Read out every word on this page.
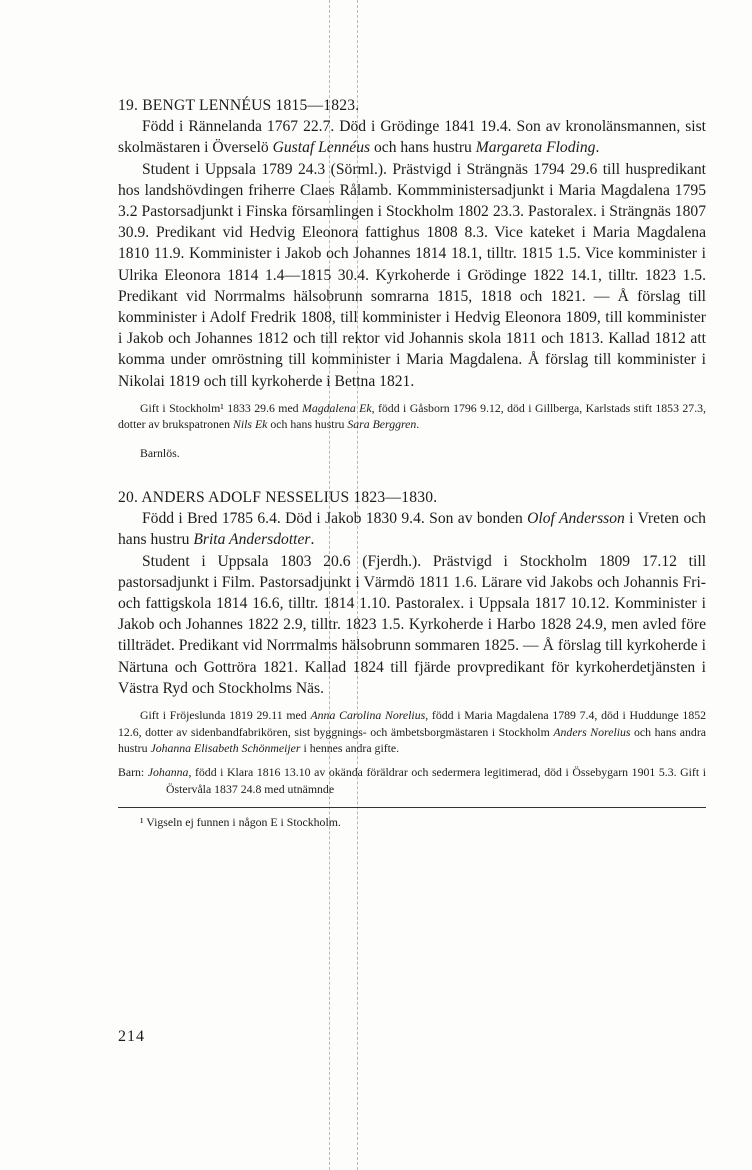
19. BENGT LENNÉUS 1815—1823.

Född i Rännelanda 1767 22.7. Död i Grödinge 1841 19.4. Son av kronolänsmannen, sist skolmästaren i Överselö Gustaf Lennéus och hans hustru Margareta Floding.

Student i Uppsala 1789 24.3 (Sörml.). Prästvigd i Strängnäs 1794 29.6 till huspredikant hos landshövdingen friherre Claes Rålamb. Kommministersadjunkt i Maria Magdalena 1795 3.2 Pastorsadjunkt i Finska församlingen i Stockholm 1802 23.3. Pastoralex. i Strängnäs 1807 30.9. Predikant vid Hedvig Eleonora fattighus 1808 8.3. Vice kateket i Maria Magdalena 1810 11.9. Komminister i Jakob och Johannes 1814 18.1, tilltr. 1815 1.5. Vice komminister i Ulrika Eleonora 1814 1.4—1815 30.4. Kyrkoherde i Grödinge 1822 14.1, tilltr. 1823 1.5. Predikant vid Norrmalms hälsobrunn somrarna 1815, 1818 och 1821. — Å förslag till komminister i Adolf Fredrik 1808, till komminister i Hedvig Eleonora 1809, till komminister i Jakob och Johannes 1812 och till rektor vid Johannis skola 1811 och 1813. Kallad 1812 att komma under omröstning till komminister i Maria Magdalena. Å förslag till komminister i Nikolai 1819 och till kyrkoherde i Bettna 1821.

Gift i Stockholm¹ 1833 29.6 med Magdalena Ek, född i Gåsborn 1796 9.12, död i Gillberga, Karlstads stift 1853 27.3, dotter av brukspatronen Nils Ek och hans hustru Sara Berggren.

Barnlös.

20. ANDERS ADOLF NESSELIUS 1823—1830.

Född i Bred 1785 6.4. Död i Jakob 1830 9.4. Son av bonden Olof Andersson i Vreten och hans hustru Brita Andersdotter.

Student i Uppsala 1803 20.6 (Fjerdh.). Prästvigd i Stockholm 1809 17.12 till pastorsadjunkt i Film. Pastorsadjunkt i Värmdö 1811 1.6. Lärare vid Jakobs och Johannis Fri- och fattigskola 1814 16.6, tilltr. 1814 1.10. Pastoralex. i Uppsala 1817 10.12. Komminister i Jakob och Johannes 1822 2.9, tilltr. 1823 1.5. Kyrkoherde i Harbo 1828 24.9, men avled före tillträdet. Predikant vid Norrmalms hälsobrunn sommaren 1825. — Å förslag till kyrkoherde i Närtuna och Gottröra 1821. Kallad 1824 till fjärde provpredikant för kyrkoherdetjänsten i Västra Ryd och Stockholms Näs.

Gift i Fröjeslunda 1819 29.11 med Anna Carolina Norelius, född i Maria Magdalena 1789 7.4, död i Huddunge 1852 12.6, dotter av sidenbandfabrikören, sist byggnings- och ämbetsborgmästaren i Stockholm Anders Norelius och hans andra hustru Johanna Elisabeth Schönmeijer i hennes andra gifte.

Barn: Johanna, född i Klara 1816 13.10 av okända föräldrar och sedermera legitimerad, död i Össebygarn 1901 5.3. Gift i Östervåla 1837 24.8 med utnämnde

¹ Vigseln ej funnen i någon E i Stockholm.
214
